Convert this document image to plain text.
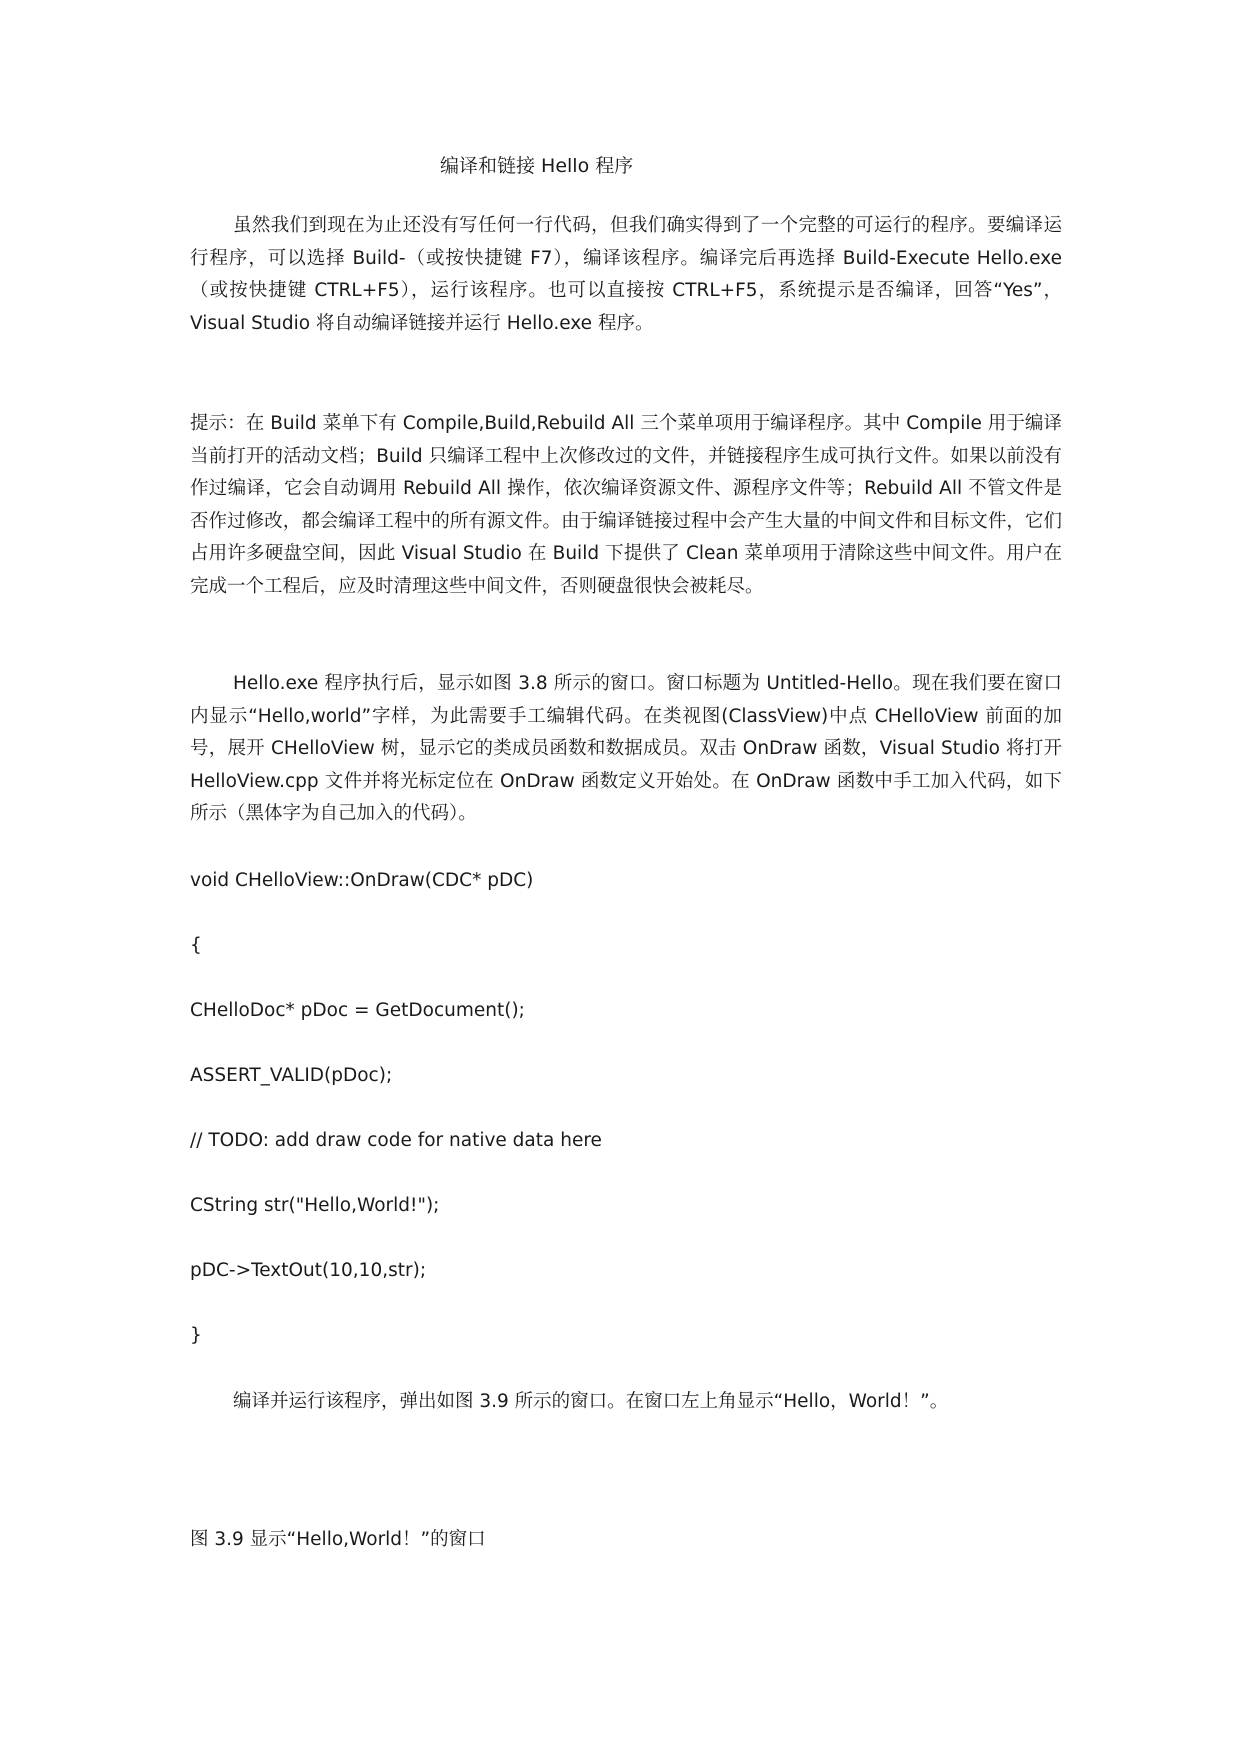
编译和链接 Hello 程序

虽然我们到现在为止还没有写任何一行代码，但我们确实得到了一个完整的可运行的程序。要编译运行程序，可以选择 Build-（或按快捷键 F7），编译该程序。编译完后再选择 Build-Execute Hello.exe（或按快捷键 CTRL+F5），运行该程序。也可以直接按 CTRL+F5，系统提示是否编译，回答“Yes”，Visual Studio 将自动编译链接并运行 Hello.exe 程序。

提示：在 Build 菜单下有 Compile,Build,Rebuild All 三个菜单项用于编译程序。其中 Compile 用于编译当前打开的活动文档；Build 只编译工程中上次修改过的文件，并链接程序生成可执行文件。如果以前没有作过编译，它会自动调用 Rebuild All 操作，依次编译资源文件、源程序文件等；Rebuild All 不管文件是否作过修改，都会编译工程中的所有源文件。由于编译链接过程中会产生大量的中间文件和目标文件，它们占用许多硬盘空间，因此 Visual Studio 在 Build 下提供了 Clean 菜单项用于清除这些中间文件。用户在完成一个工程后，应及时清理这些中间文件，否则硬盘很快会被耗尽。

Hello.exe 程序执行后，显示如图 3.8 所示的窗口。窗口标题为 Untitled-Hello。现在我们要在窗口内显示“Hello,world”字样，为此需要手工编辑代码。在类视图(ClassView)中点 CHelloView 前面的加号，展开 CHelloView 树，显示它的类成员函数和数据成员。双击 OnDraw 函数，Visual Studio 将打开 HelloView.cpp 文件并将光标定位在 OnDraw 函数定义开始处。在 OnDraw 函数中手工加入代码，如下所示（黑体字为自己加入的代码）。

void CHelloView::OnDraw(CDC* pDC)
{
CHelloDoc* pDoc = GetDocument();
ASSERT_VALID(pDoc);
// TODO: add draw code for native data here
CString str("Hello,World!");
pDC->TextOut(10,10,str);
}

编译并运行该程序，弹出如图 3.9 所示的窗口。在窗口左上角显示“Hello，World！”。

图 3.9 显示“Hello,World！”的窗口
